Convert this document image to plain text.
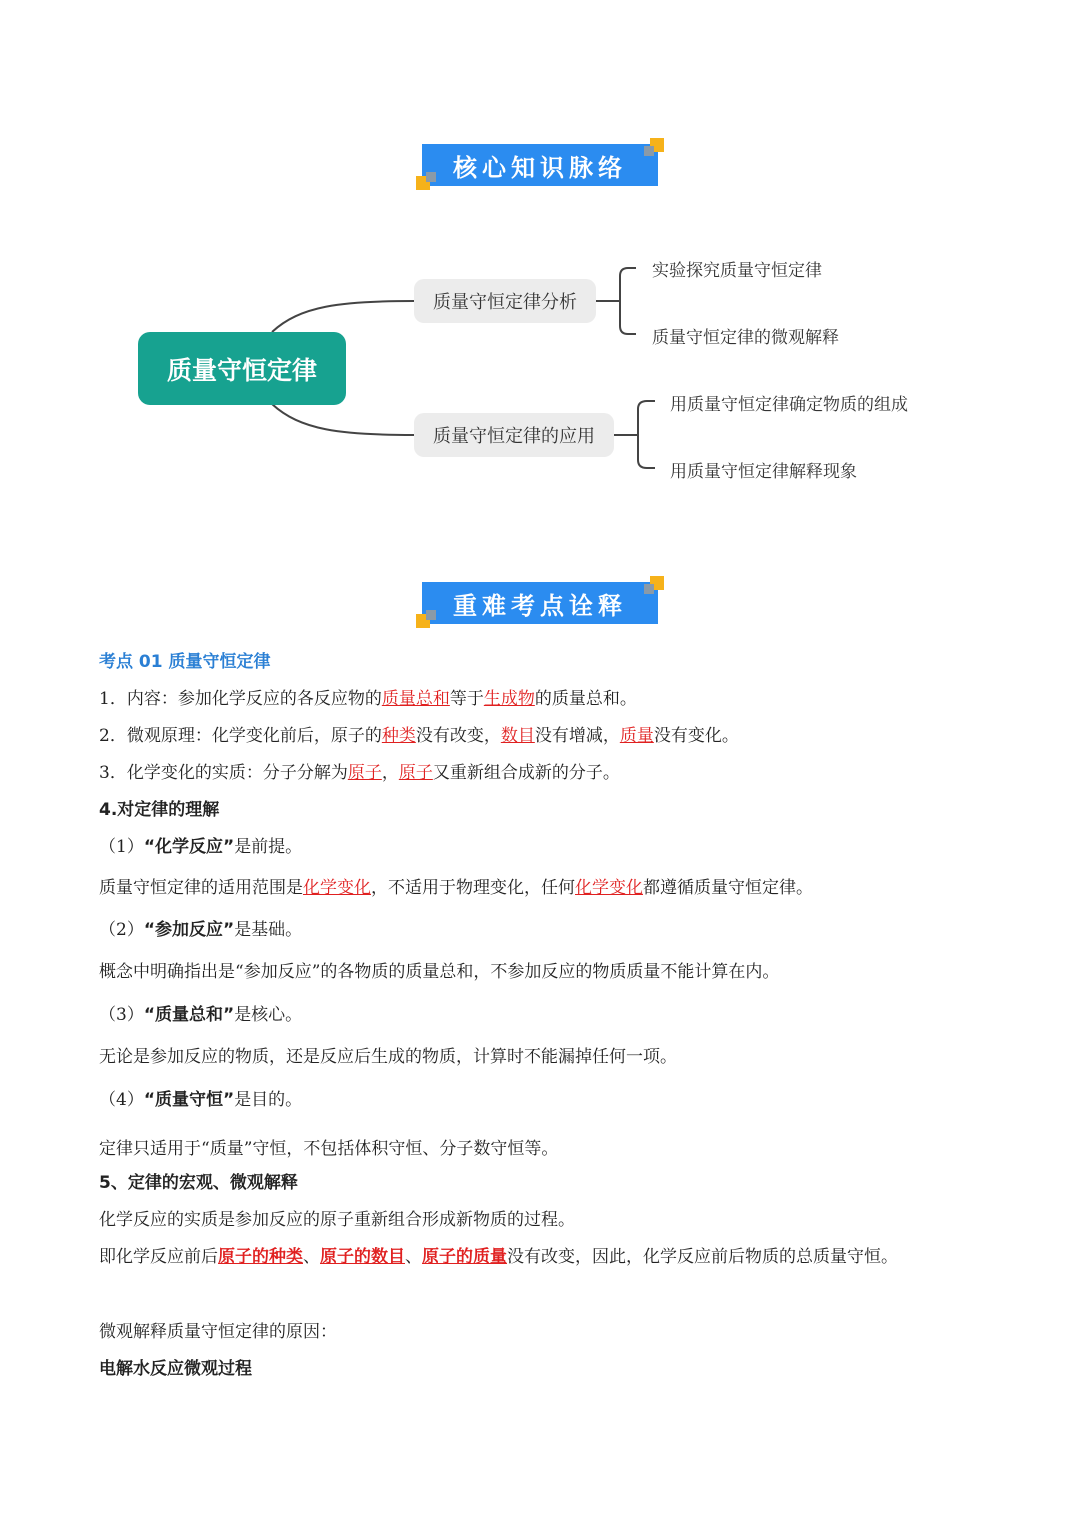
核心知识脉络
质量守恒定律
质量守恒定律分析
质量守恒定律的应用
实验探究质量守恒定律
质量守恒定律的微观解释
用质量守恒定律确定物质的组成
用质量守恒定律解释现象
重难考点诠释
考点 01 质量守恒定律
1．内容：参加化学反应的各反应物的质量总和等于生成物的质量总和。
2．微观原理：化学变化前后，原子的种类没有改变，数目没有增减，质量没有变化。
3．化学变化的实质：分子分解为原子，原子又重新组合成新的分子。
4.对定律的理解
（1）“化学反应”是前提。
质量守恒定律的适用范围是化学变化，不适用于物理变化，任何化学变化都遵循质量守恒定律。
（2）“参加反应”是基础。
概念中明确指出是“参加反应”的各物质的质量总和，不参加反应的物质质量不能计算在内。
（3）“质量总和”是核心。
无论是参加反应的物质，还是反应后生成的物质，计算时不能漏掉任何一项。
（4）“质量守恒”是目的。
定律只适用于“质量”守恒，不包括体积守恒、分子数守恒等。
5、定律的宏观、微观解释
化学反应的实质是参加反应的原子重新组合形成新物质的过程。
即化学反应前后原子的种类、原子的数目、原子的质量没有改变，因此，化学反应前后物质的总质量守恒。
微观解释质量守恒定律的原因：
电解水反应微观过程
